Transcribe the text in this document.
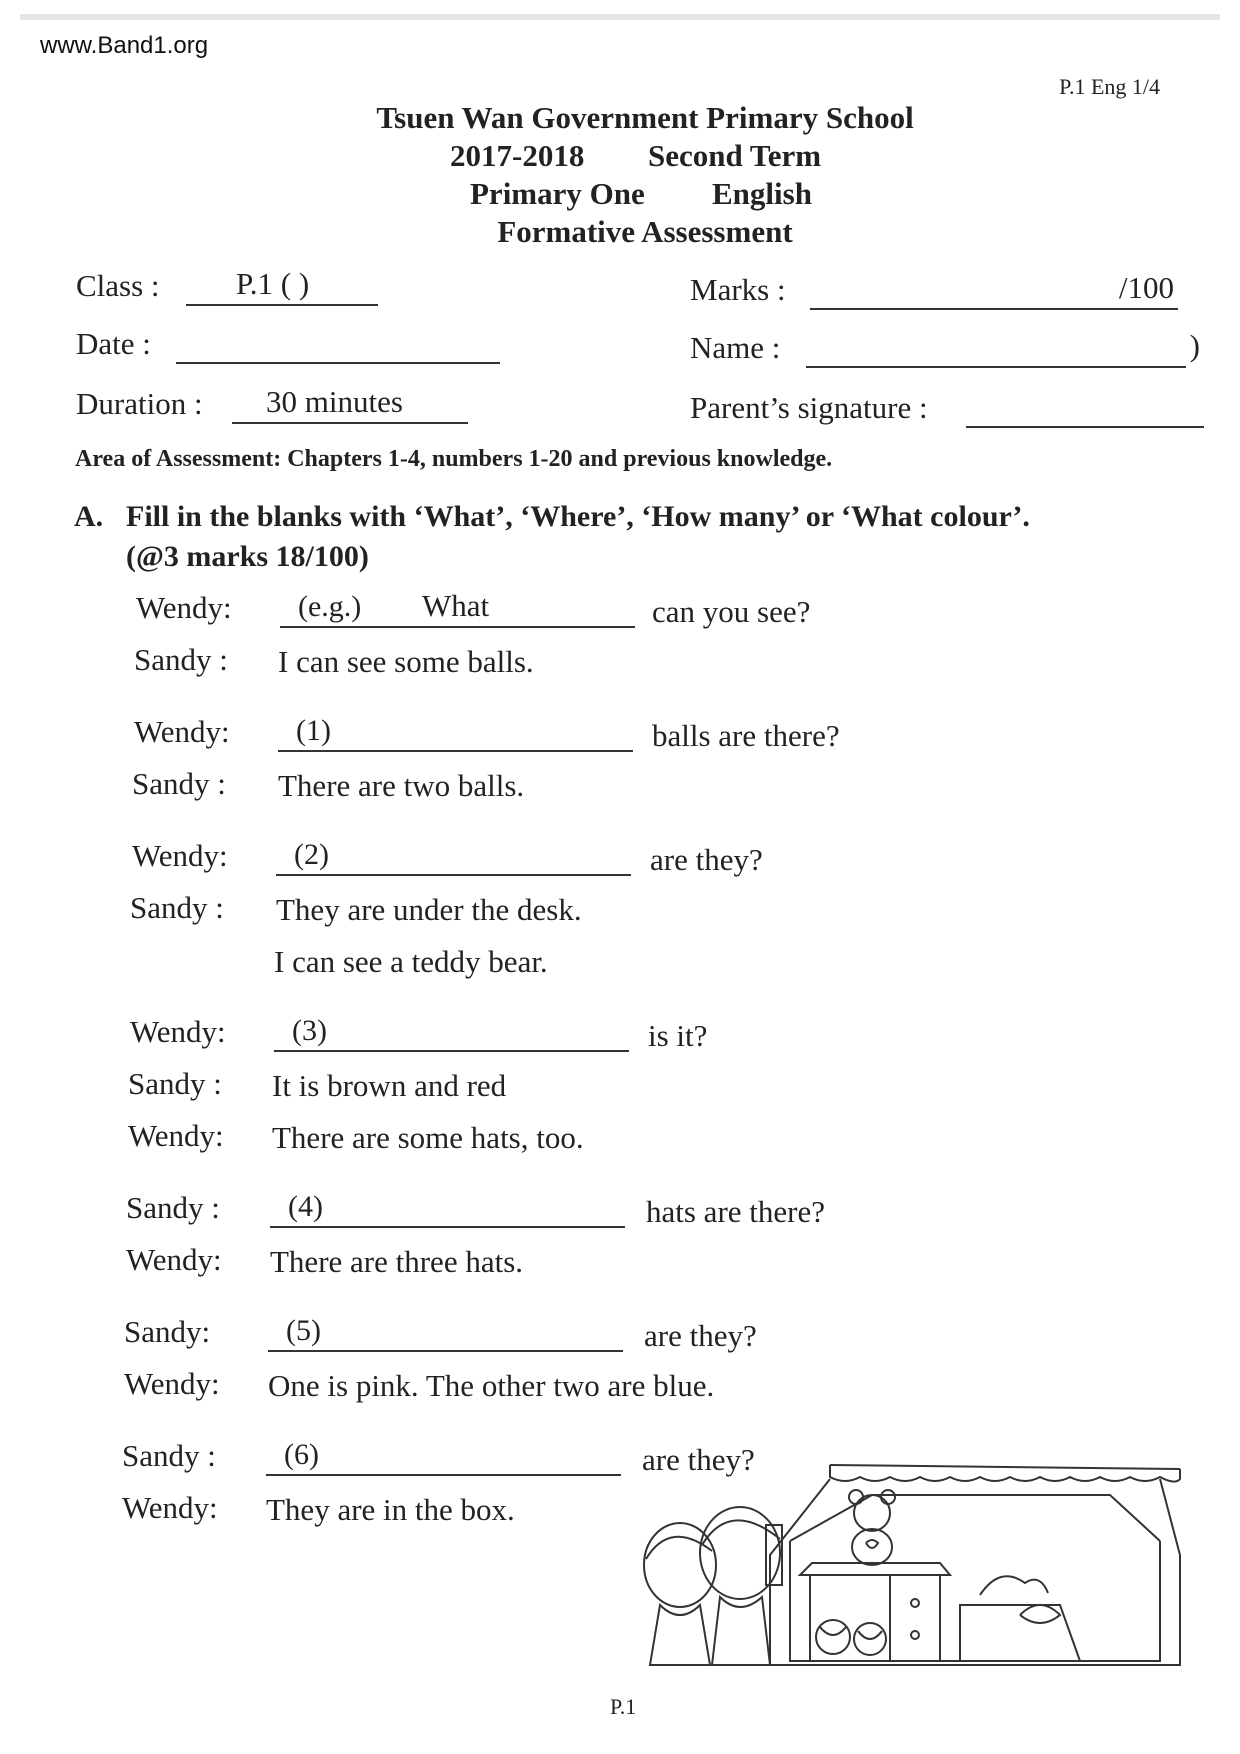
www.Band1.org
P.1 Eng 1/4
Tsuen Wan Government Primary School
2017-2018 Second Term
Primary One English
Formative Assessment
Class : P.1 ( )	Marks :	/100
Date :	Name :	)
Duration : 30 minutes	Parent’s signature :
Area of Assessment: Chapters 1-4, numbers 1-20 and previous knowledge.
A. Fill in the blanks with ‘What’, ‘Where’, ‘How many’ or ‘What colour’.
(@3 marks 18/100)
Wendy: (e.g.) What	can you see?
Sandy : I can see some balls.
Wendy: (1)	balls are there?
Sandy : There are two balls.
Wendy: (2)	are they?
Sandy : They are under the desk.
I can see a teddy bear.
Wendy: (3)	is it?
Sandy : It is brown and red
Wendy: There are some hats, too.
Sandy : (4)	hats are there?
Wendy: There are three hats.
Sandy:	(5)	are they?
Wendy: One is pink. The other two are blue.
Sandy : (6)	are they?
Wendy: They are in the box.
P.1
